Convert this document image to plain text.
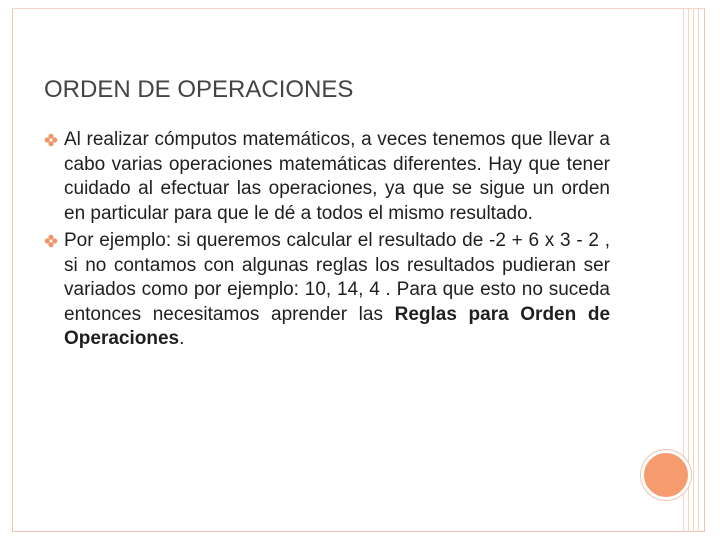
ORDEN DE OPERACIONES
Al realizar cómputos matemáticos, a veces tenemos que llevar a cabo varias operaciones matemáticas diferentes. Hay que tener cuidado al efectuar las operaciones, ya que se sigue un orden en particular para que le dé a todos el mismo resultado.
Por ejemplo: si queremos calcular el resultado de -2 + 6 x 3 - 2 , si no contamos con algunas reglas los resultados pudieran ser variados como por ejemplo: 10, 14, 4 . Para que esto no suceda entonces necesitamos aprender las Reglas para Orden de Operaciones.
